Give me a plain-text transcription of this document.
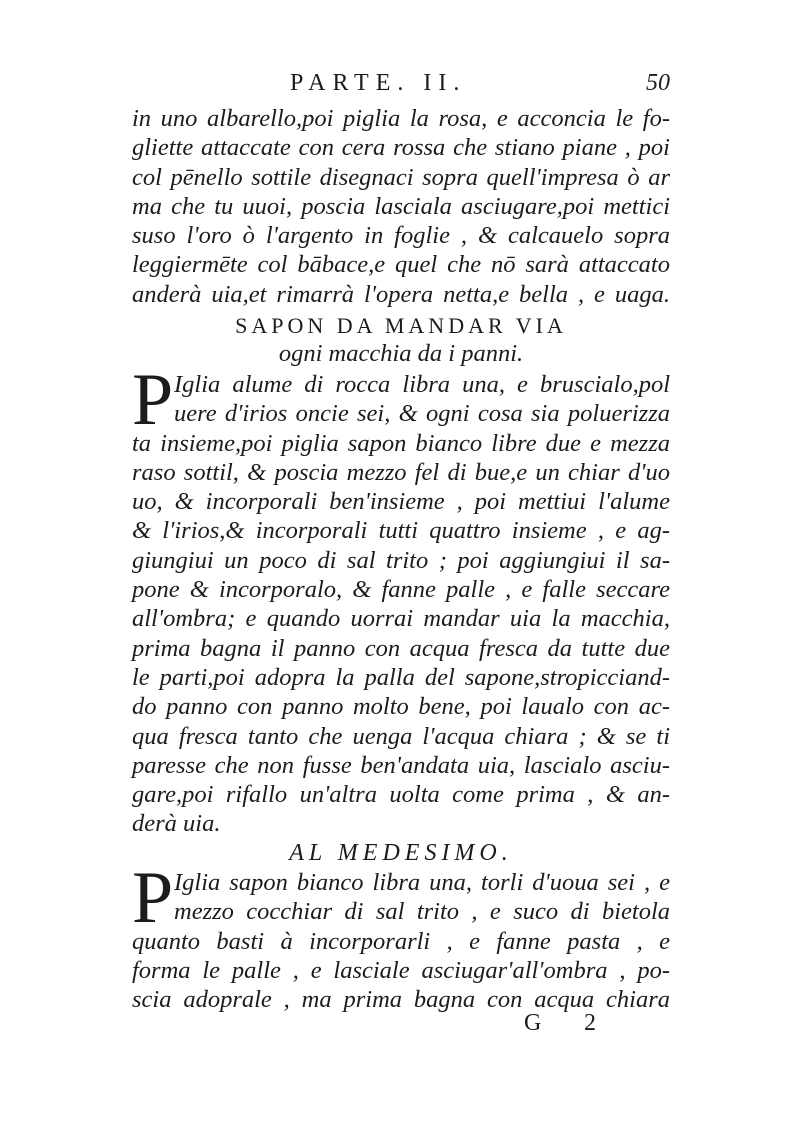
PARTE. II.	50
in uno albarello,poi piglia la rosa, e acconcia le fo-
gliette attaccate con cera rossa che stiano piane , poi
col pēnello sottile disegnaci sopra quell'impresa ò ar
ma che tu uuoi, poscia lasciala asciugare,poi mettici
suso l'oro ò l'argento in foglie , & calcauelo sopra
leggiermēte col bābace,e quel che nō sarà attaccato
anderà uia,et rimarrà l'opera netta,e bella , e uaga.
SAPON DA MANDAR VIA
ogni macchia da i panni.
P Iglia alume di rocca libra una, e bruscialo,pol
uere d'irios oncie sei, & ogni cosa sia poluerizza
ta insieme,poi piglia sapon bianco libre due e mezza
raso sottil, & poscia mezzo fel di bue,e un chiar d'uo
uo, & incorporali ben'insieme , poi mettiui l'alume
& l'irios,& incorporali tutti quattro insieme , e ag-
giungiui un poco di sal trito ; poi aggiungiui il sa-
pone & incorporalo, & fanne palle , e falle seccare
all'ombra; e quando uorrai mandar uia la macchia,
prima bagna il panno con acqua fresca da tutte due
le parti,poi adopra la palla del sapone,stropicciand-
do panno con panno molto bene, poi laualo con ac-
qua fresca tanto che uenga l'acqua chiara ; & se ti
paresse che non fusse ben'andata uia, lascialo asciu-
gare,poi rifallo un'altra uolta come prima , & an-
derà uia.
AL MEDESIMO.
P Iglia sapon bianco libra una, torli d'uoua sei , e
mezzo cocchiar di sal trito , e suco di bietola
quanto basti à incorporarli , e fanne pasta , e
forma le palle , e lasciale asciugar'all'ombra , po-
scia adoprale , ma prima bagna con acqua chiara
G 2
